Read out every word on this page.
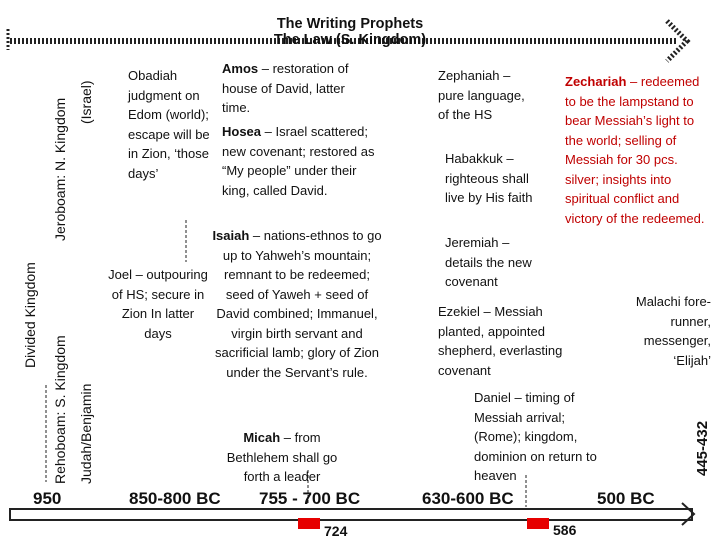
The Writing Prophets
The Law (S. Kingdom)
Divided Kingdom
Jeroboam: N. Kingdom (Israel)
Rehoboam: S. Kingdom Judah/Benjamin
Obadiah
judgment on Edom (world); escape will be in Zion, ‘those days’
Joel – outpouring of HS; secure in Zion In latter days
Amos – restoration of house of David, latter time.
Hosea – Israel scattered; new covenant; restored as “My people” under their king, called David.
Isaiah – nations-ethnos to go up to Yahweh’s mountain; remnant to be redeemed; seed of Yaweh + seed of David combined; Immanuel, virgin birth servant and sacrificial lamb; glory of Zion under the Servant’s rule.
Micah – from Bethlehem shall go forth a leader
Zephaniah – pure language, of the HS
Habakkuk – righteous shall live by His faith
Jeremiah – details the new covenant
Ezekiel – Messiah planted, appointed shepherd, everlasting covenant
Daniel – timing of Messiah arrival; (Rome); kingdom, dominion on return to heaven
Zechariah – redeemed to be the lampstand to bear Messiah’s light to the world; selling of Messiah for 30 pcs. silver; insights into spiritual conflict and victory of the redeemed.
Malachi fore-runner, messenger, ‘Elijah’
445-432
950	850-800 BC 755 - 700 BC	630-600 BC	500 BC
724	586
